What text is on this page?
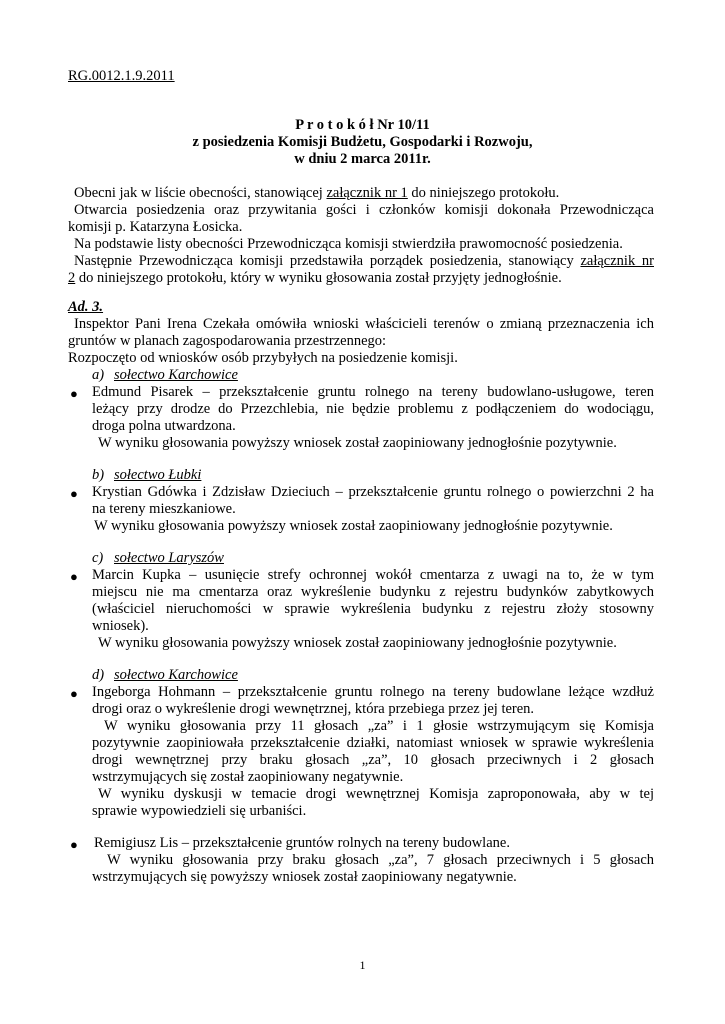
RG.0012.1.9.2011
P r o t o k ó ł Nr 10/11
z posiedzenia Komisji Budżetu, Gospodarki i Rozwoju,
w dniu 2 marca 2011r.
Obecni jak w liście obecności, stanowiącej załącznik nr 1 do niniejszego protokołu.
Otwarcia posiedzenia oraz przywitania gości i członków komisji dokonała Przewodnicząca
komisji p. Katarzyna Łosicka.
Na podstawie listy obecności Przewodnicząca komisji stwierdziła prawomocność posiedzenia.
Następnie Przewodnicząca komisji przedstawiła porządek posiedzenia, stanowiący załącznik nr
2 do niniejszego protokołu, który w wyniku głosowania został przyjęty jednogłośnie.
Ad. 3.
Inspektor Pani Irena Czekała omówiła wnioski właścicieli terenów o zmianą przeznaczenia ich
gruntów w planach zagospodarowania przestrzennego:
Rozpoczęto od wniosków osób przybyłych na posiedzenie komisji.
a) sołectwo Karchowice
● Edmund Pisarek – przekształcenie gruntu rolnego na tereny budowlano-usługowe, teren
leżący przy drodze do Przezchlebia, nie będzie problemu z podłączeniem do wodociągu,
droga polna utwardzona.
W wyniku głosowania powyższy wniosek został zaopiniowany jednogłośnie pozytywnie.
b) sołectwo Łubki
● Krystian Gdówka i Zdzisław Dzieciuch – przekształcenie gruntu rolnego o powierzchni 2 ha
na tereny mieszkaniowe.
W wyniku głosowania powyższy wniosek został zaopiniowany jednogłośnie pozytywnie.
c) sołectwo Laryszów
● Marcin Kupka – usunięcie strefy ochronnej wokół cmentarza z uwagi na to, że w tym
miejscu nie ma cmentarza oraz wykreślenie budynku z rejestru budynków zabytkowych
(właściciel nieruchomości w sprawie wykreślenia budynku z rejestru złoży stosowny
wniosek).
W wyniku głosowania powyższy wniosek został zaopiniowany jednogłośnie pozytywnie.
d) sołectwo Karchowice
● Ingeborga Hohmann – przekształcenie gruntu rolnego na tereny budowlane leżące wzdłuż
drogi oraz o wykreślenie drogi wewnętrznej, która przebiega przez jej teren.
W wyniku głosowania przy 11 głosach „za” i 1 głosie wstrzymującym się Komisja
pozytywnie zaopiniowała przekształcenie działki, natomiast wniosek w sprawie wykreślenia
drogi wewnętrznej przy braku głosach „za”, 10 głosach przeciwnych i 2 głosach
wstrzymujących się został zaopiniowany negatywnie.
W wyniku dyskusji w temacie drogi wewnętrznej Komisja zaproponowała, aby w tej
sprawie wypowiedzieli się urbaniści.
● Remigiusz Lis – przekształcenie gruntów rolnych na tereny budowlane.
W wyniku głosowania przy braku głosach „za”, 7 głosach przeciwnych i 5 głosach
wstrzymujących się powyższy wniosek został zaopiniowany negatywnie.
1
